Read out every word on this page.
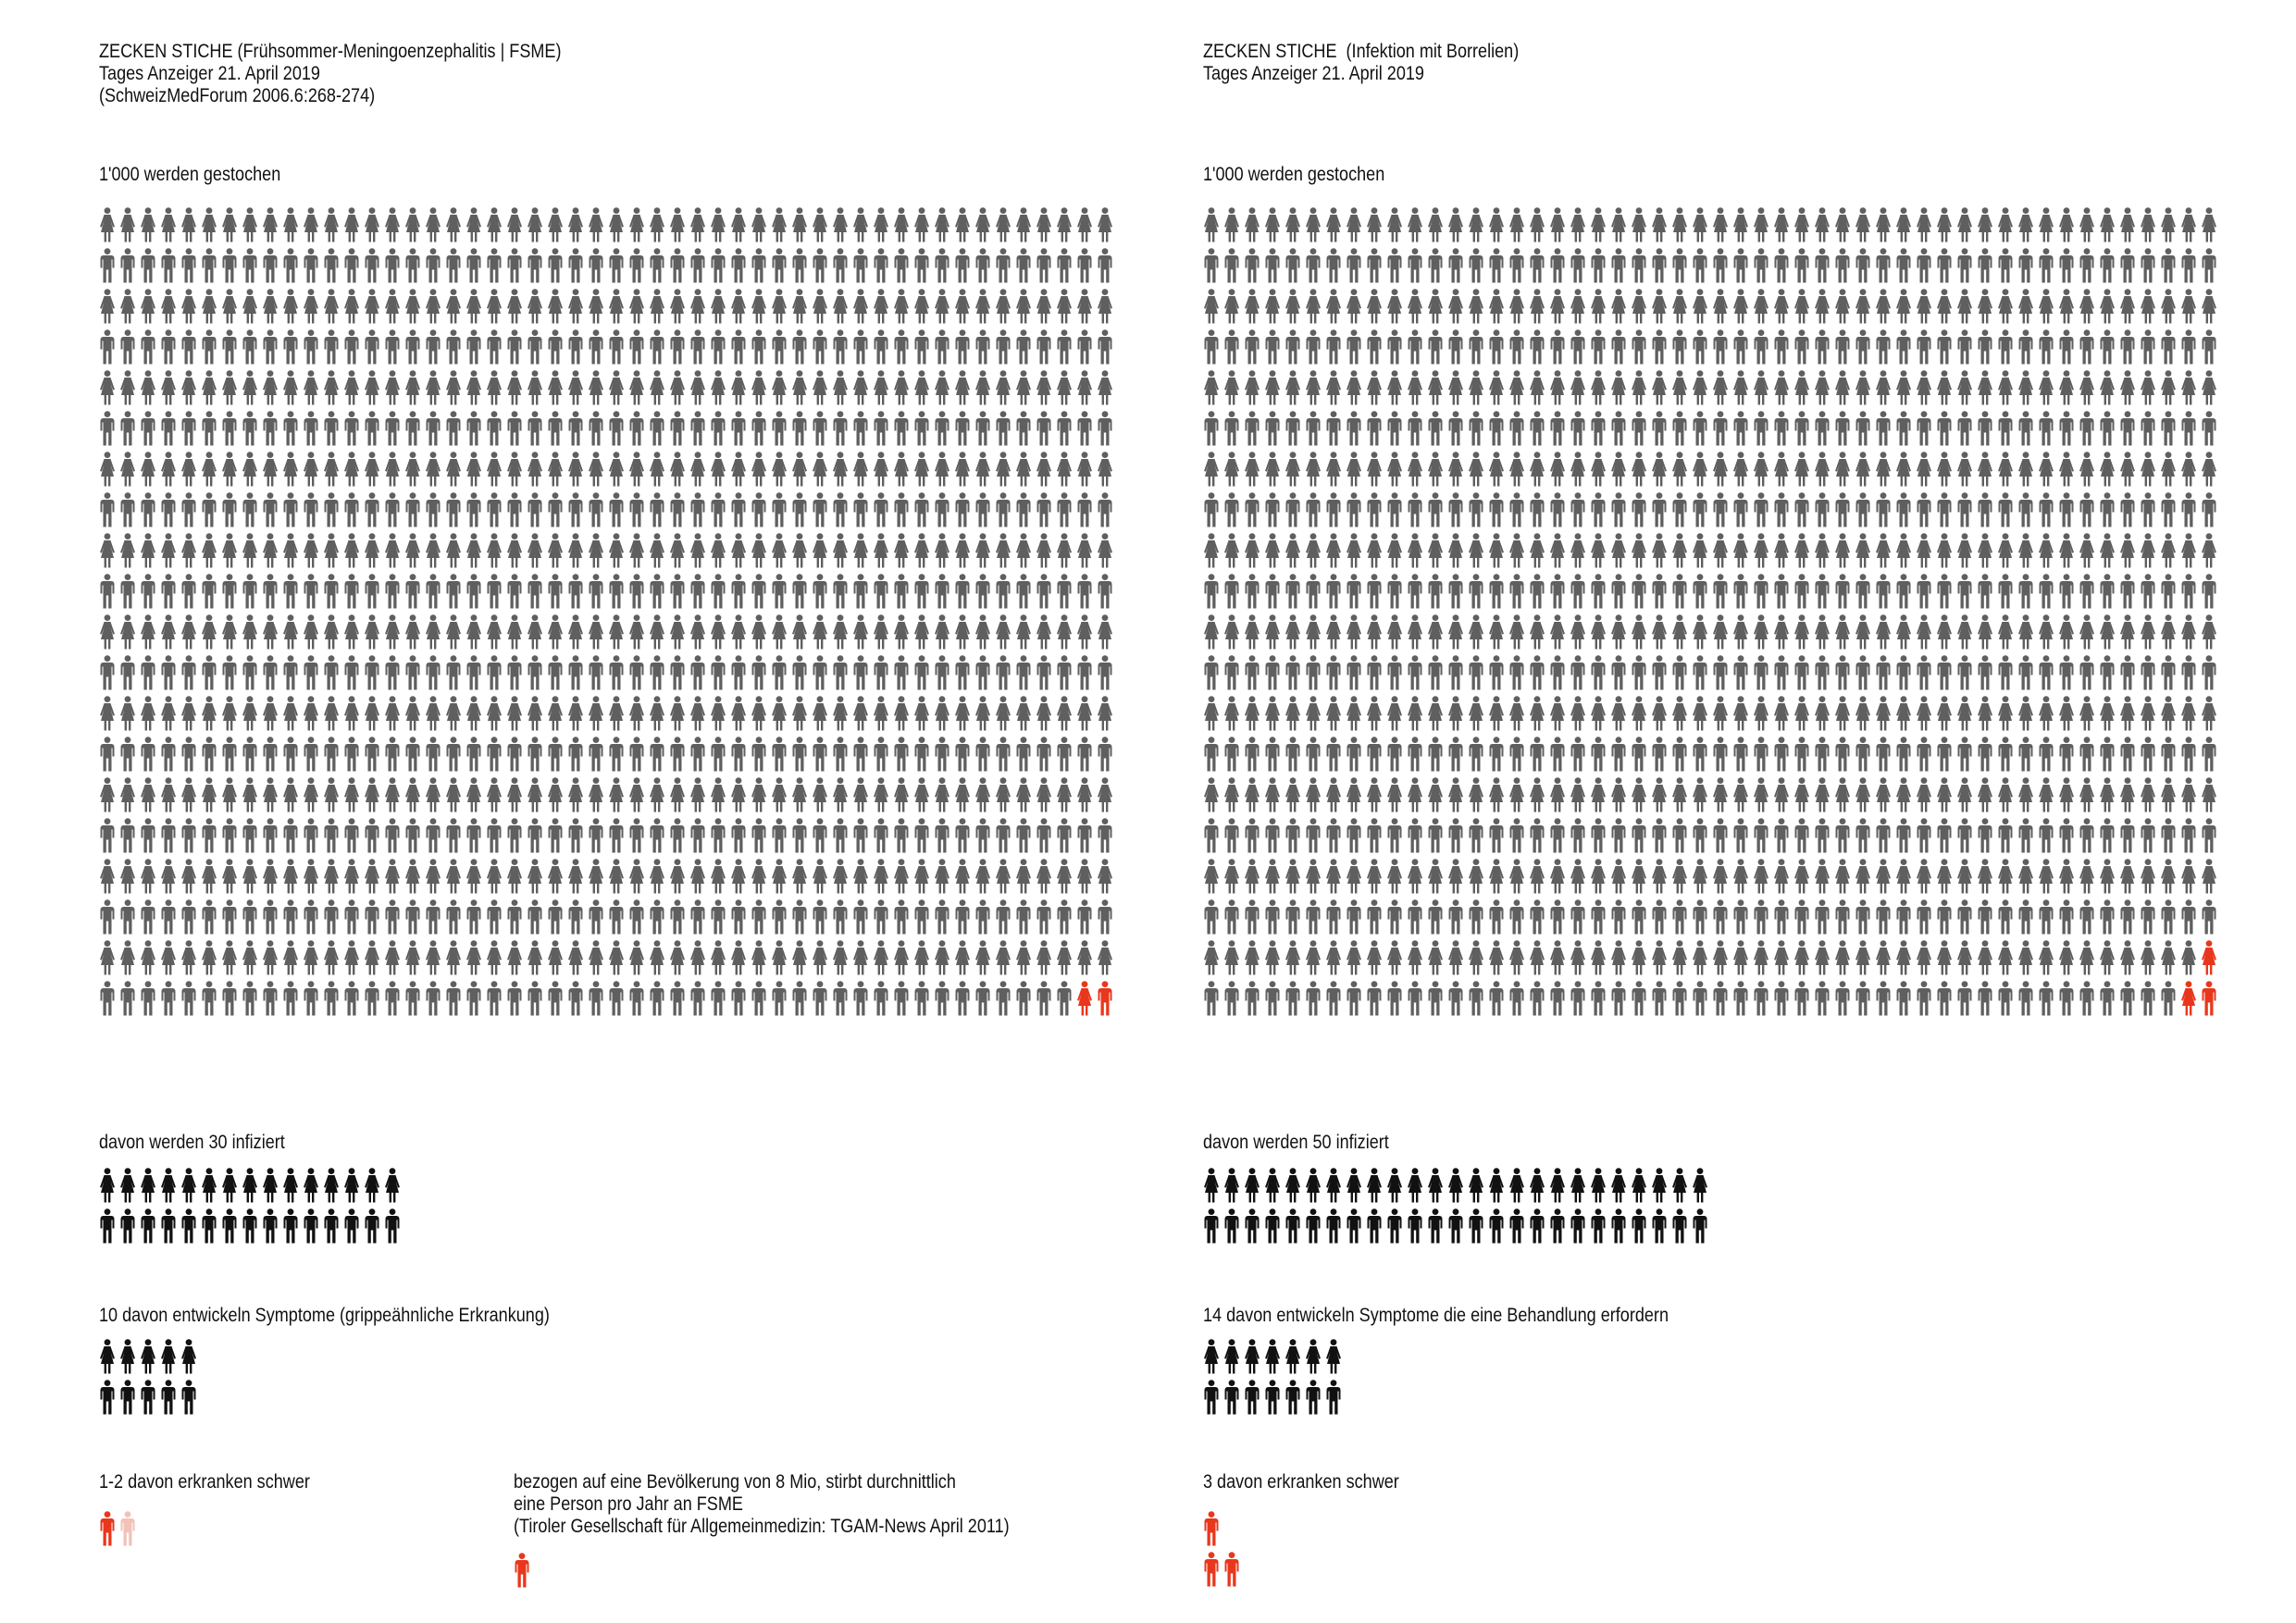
ZECKEN STICHE (Frühsommer-Meningoenzephalitis | FSME)
Tages Anzeiger 21. April 2019
(SchweizMedForum 2006.6:268-274)
1'000 werden gestochen
davon werden 30 infiziert
10 davon entwickeln Symptome (grippeähnliche Erkrankung)
1-2 davon erkranken schwer	bezogen auf eine Bevölkerung von 8 Mio, stirbt durchnittlich
eine Person pro Jahr an FSME
(Tiroler Gesellschaft für Allgemeinmedizin: TGAM-News April 2011)
ZECKEN STICHE  (Infektion mit Borrelien)
Tages Anzeiger 21. April 2019
1'000 werden gestochen
davon werden 50 infiziert
14 davon entwickeln Symptome die eine Behandlung erfordern
3 davon erkranken schwer
